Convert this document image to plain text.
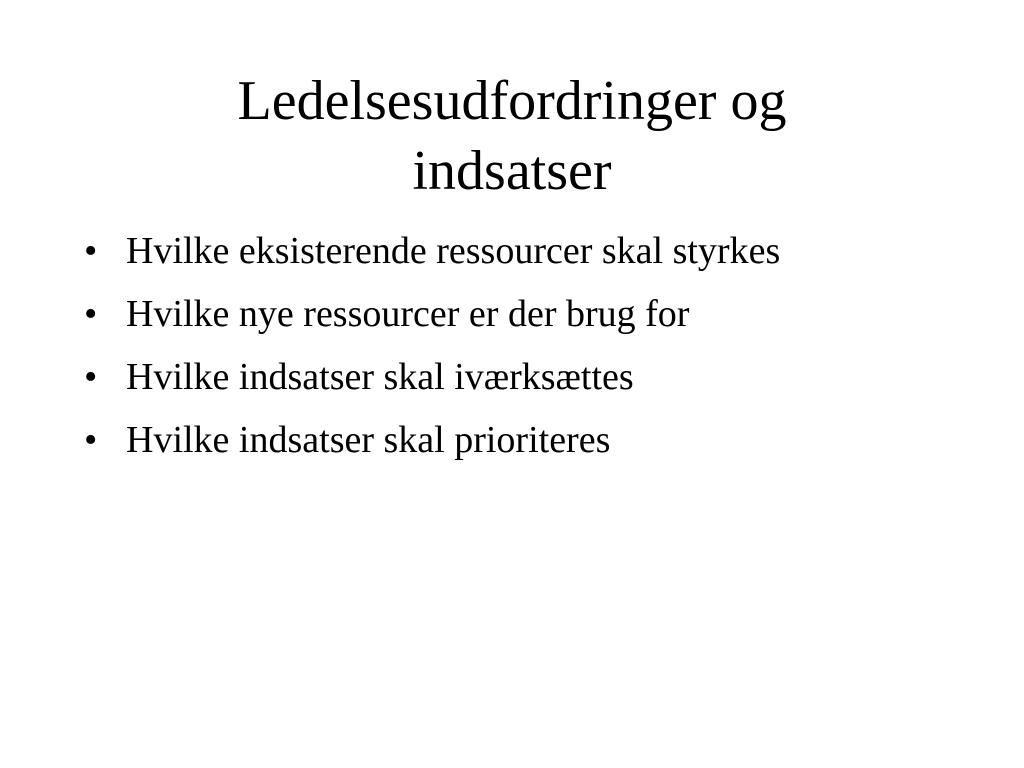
Ledelsesudfordringer og
indsatser
• Hvilke eksisterende ressourcer skal styrkes
• Hvilke nye ressourcer er der brug for
• Hvilke indsatser skal iværksættes
• Hvilke indsatser skal prioriteres
